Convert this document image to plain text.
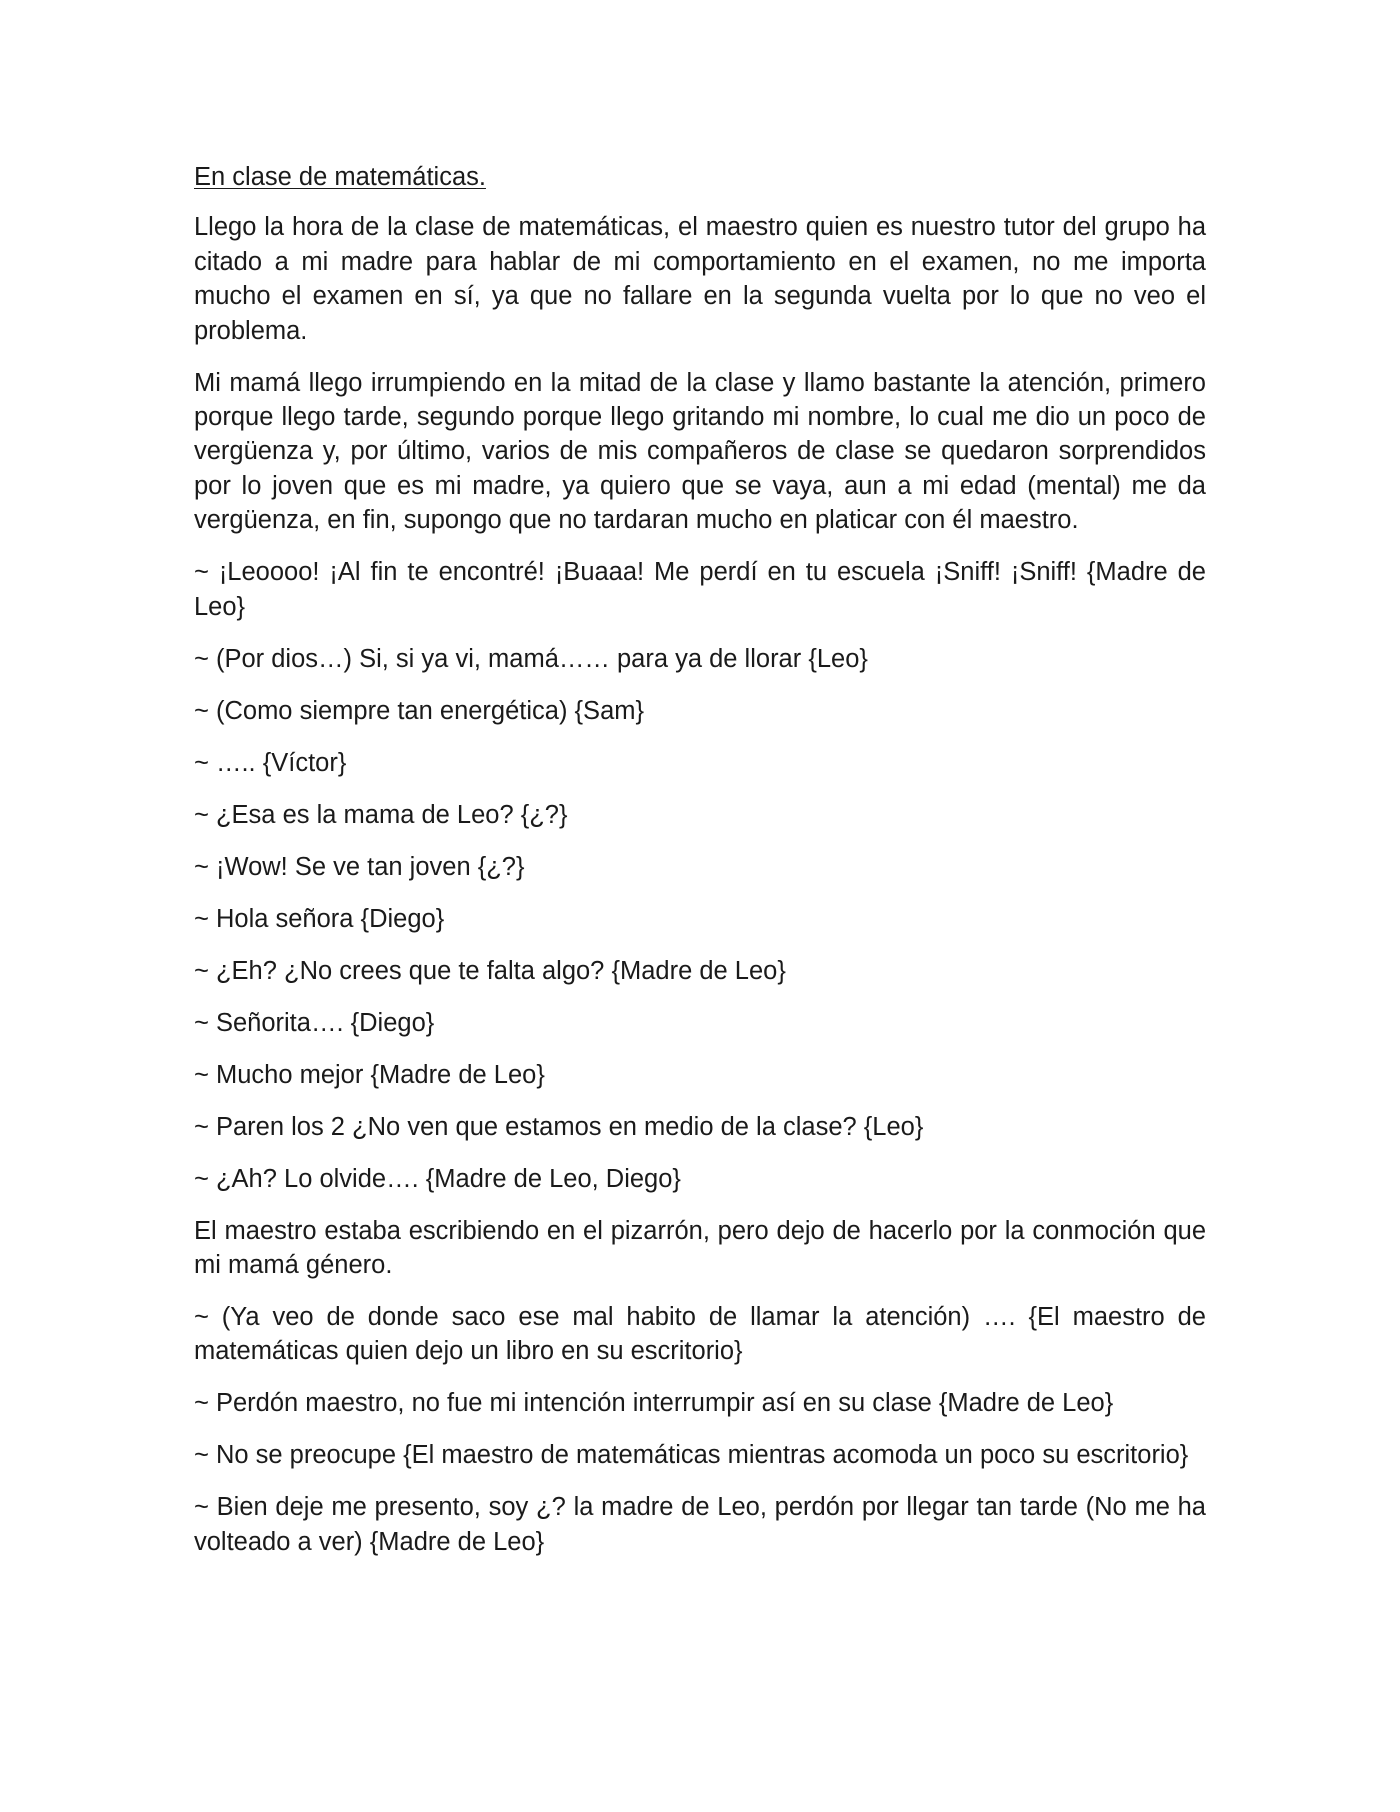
En clase de matemáticas.

Llego la hora de la clase de matemáticas, el maestro quien es nuestro tutor del grupo ha citado a mi madre para hablar de mi comportamiento en el examen, no me importa mucho el examen en sí, ya que no fallare en la segunda vuelta por lo que no veo el problema.

Mi mamá llego irrumpiendo en la mitad de la clase y llamo bastante la atención, primero porque llego tarde, segundo porque llego gritando mi nombre, lo cual me dio un poco de vergüenza y, por último, varios de mis compañeros de clase se quedaron sorprendidos por lo joven que es mi madre, ya quiero que se vaya, aun a mi edad (mental) me da vergüenza, en fin, supongo que no tardaran mucho en platicar con él maestro.

~ ¡Leoooo! ¡Al fin te encontré! ¡Buaaa! Me perdí en tu escuela ¡Sniff! ¡Sniff! {Madre de Leo}

~ (Por dios…) Si, si ya vi, mamá…… para ya de llorar {Leo}

~ (Como siempre tan energética) {Sam}

~ ….. {Víctor}

~ ¿Esa es la mama de Leo? {¿?}

~ ¡Wow! Se ve tan joven {¿?}

~ Hola señora {Diego}

~ ¿Eh? ¿No crees que te falta algo? {Madre de Leo}

~ Señorita…. {Diego}

~ Mucho mejor {Madre de Leo}

~ Paren los 2 ¿No ven que estamos en medio de la clase? {Leo}

~ ¿Ah? Lo olvide…. {Madre de Leo, Diego}

El maestro estaba escribiendo en el pizarrón, pero dejo de hacerlo por la conmoción que mi mamá género.

~ (Ya veo de donde saco ese mal habito de llamar la atención) …. {El maestro de matemáticas quien dejo un libro en su escritorio}

~ Perdón maestro, no fue mi intención interrumpir así en su clase {Madre de Leo}

~ No se preocupe {El maestro de matemáticas mientras acomoda un poco su escritorio}

~ Bien deje me presento, soy ¿? la madre de Leo, perdón por llegar tan tarde (No me ha volteado a ver) {Madre de Leo}
